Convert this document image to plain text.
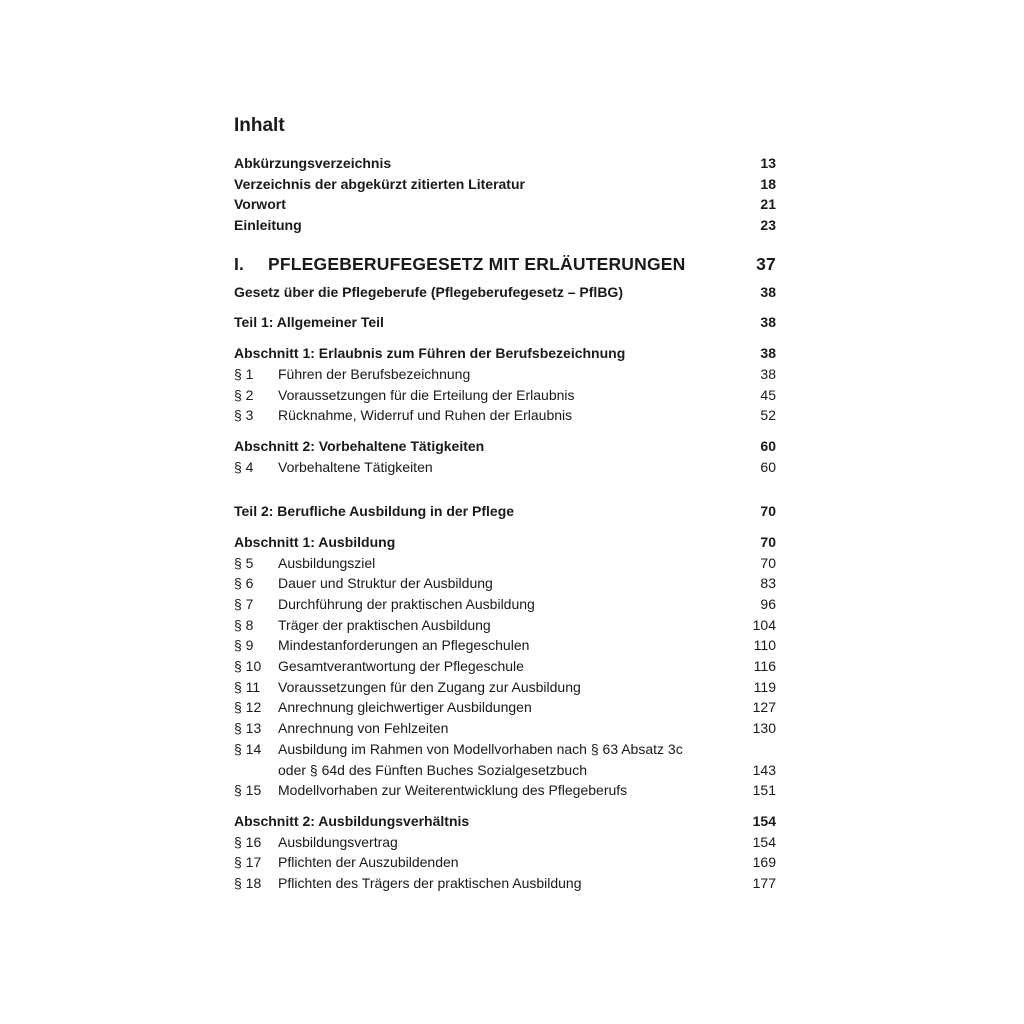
Inhalt
Abkürzungsverzeichnis	13
Verzeichnis der abgekürzt zitierten Literatur	18
Vorwort	21
Einleitung	23
I.	PFLEGEBERUFEGESETZ MIT ERLÄUTERUNGEN	37
Gesetz über die Pflegeberufe (Pflegeberufegesetz – PflBG)	38
Teil 1: Allgemeiner Teil	38
Abschnitt 1: Erlaubnis zum Führen der Berufsbezeichnung	38
§ 1	Führen der Berufsbezeichnung	38
§ 2	Voraussetzungen für die Erteilung der Erlaubnis	45
§ 3	Rücknahme, Widerruf und Ruhen der Erlaubnis	52
Abschnitt 2: Vorbehaltene Tätigkeiten	60
§ 4	Vorbehaltene Tätigkeiten	60
Teil 2: Berufliche Ausbildung in der Pflege	70
Abschnitt 1: Ausbildung	70
§ 5	Ausbildungsziel	70
§ 6	Dauer und Struktur der Ausbildung	83
§ 7	Durchführung der praktischen Ausbildung	96
§ 8	Träger der praktischen Ausbildung	104
§ 9	Mindestanforderungen an Pflegeschulen	110
§ 10	Gesamtverantwortung der Pflegeschule	116
§ 11	Voraussetzungen für den Zugang zur Ausbildung	119
§ 12	Anrechnung gleichwertiger Ausbildungen	127
§ 13	Anrechnung von Fehlzeiten	130
§ 14	Ausbildung im Rahmen von Modellvorhaben nach § 63 Absatz 3c
oder § 64d des Fünften Buches Sozialgesetzbuch	143
§ 15	Modellvorhaben zur Weiterentwicklung des Pflegeberufs	151
Abschnitt 2: Ausbildungsverhältnis	154
§ 16	Ausbildungsvertrag	154
§ 17	Pflichten der Auszubildenden	169
§ 18	Pflichten des Trägers der praktischen Ausbildung	177
